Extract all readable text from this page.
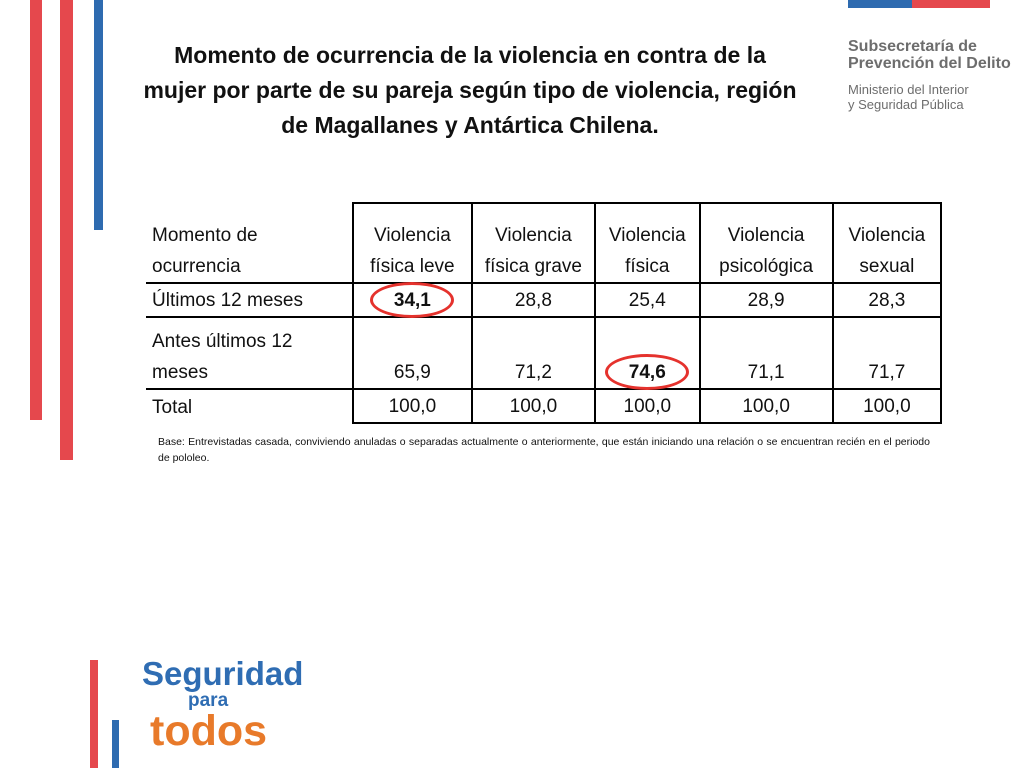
Momento de ocurrencia de la violencia en contra de la mujer por parte de su pareja según tipo de violencia, región de Magallanes y Antártica Chilena.
Subsecretaría de
Prevención del Delito
Ministerio del Interior
y Seguridad Pública
Momento de ocurrencia	Violencia física leve	Violencia física grave	Violencia física	Violencia psicológica	Violencia sexual
Últimos 12 meses	34,1	28,8	25,4	28,9	28,3
Antes últimos 12 meses	65,9	71,2	74,6	71,1	71,7
Total	100,0	100,0	100,0	100,0	100,0
Base: Entrevistadas casada, conviviendo anuladas o separadas actualmente o anteriormente, que están iniciando una relación o se encuentran recién en el periodo de pololeo.
Seguridad
para
todos
